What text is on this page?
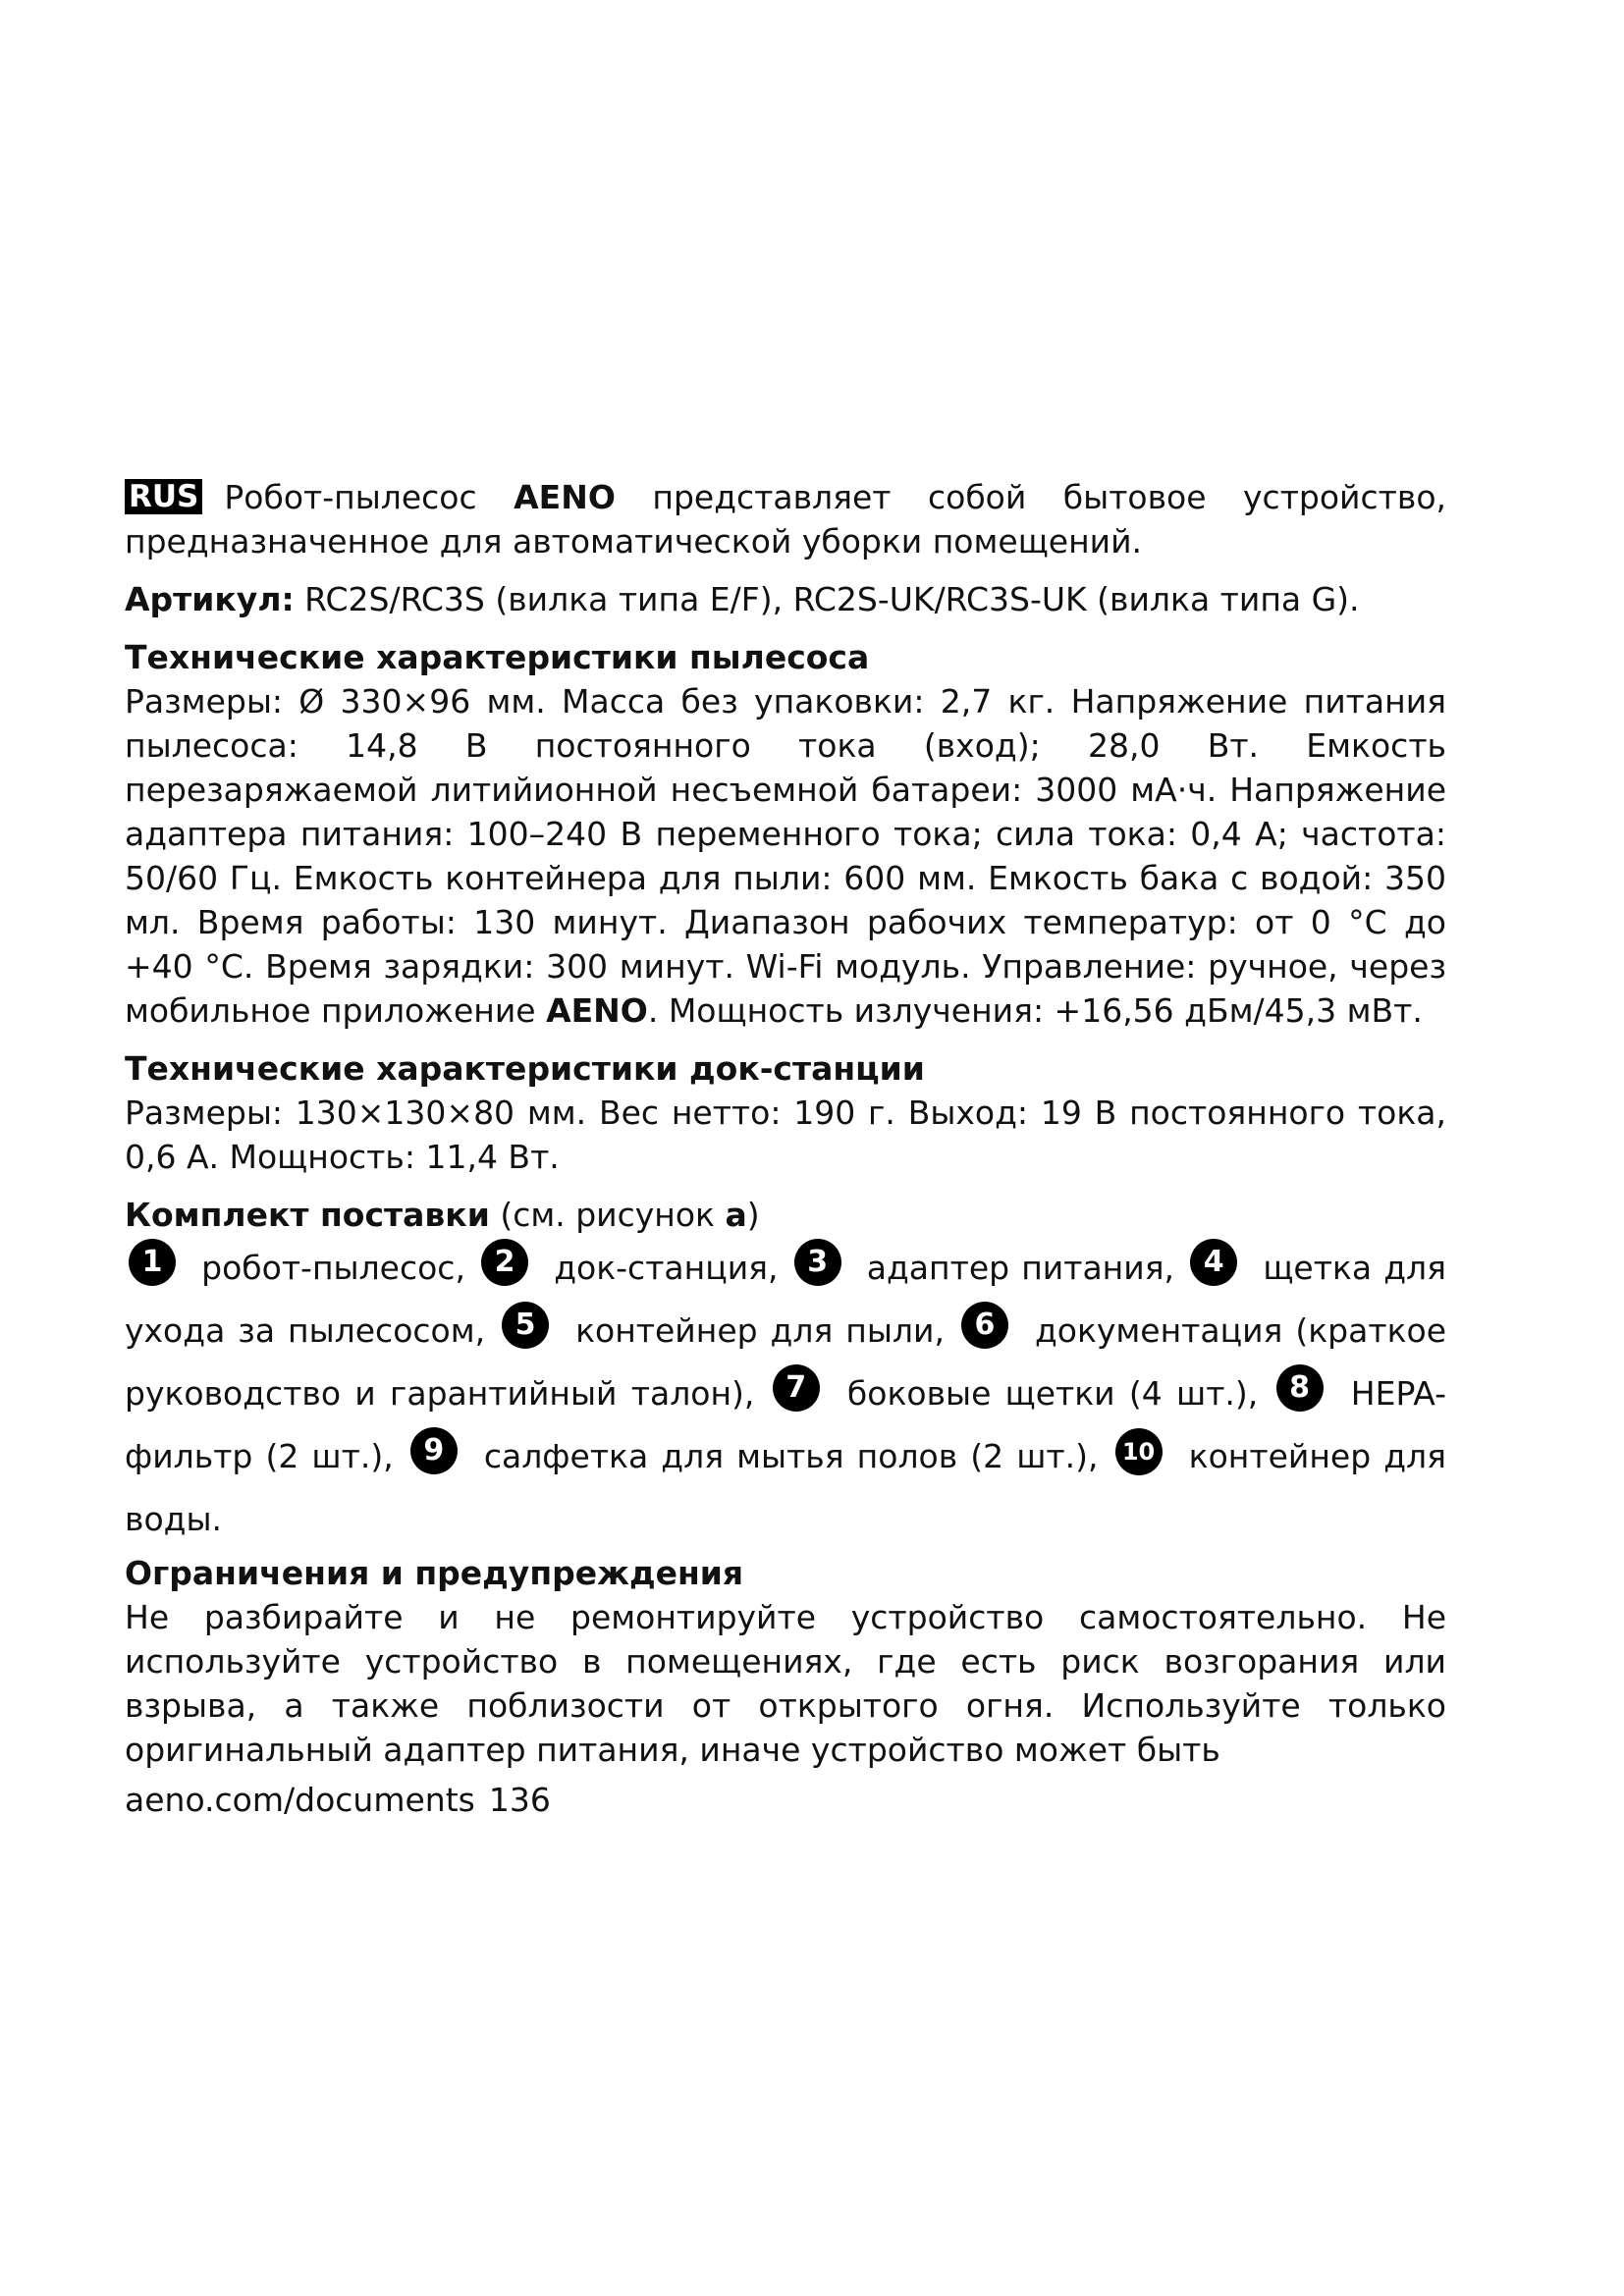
RUS Робот-пылесос AENO представляет собой бытовое устройство, предназначенное для автоматической уборки помещений.

Артикул: RC2S/RC3S (вилка типа E/F), RC2S-UK/RC3S-UK (вилка типа G).

Технические характеристики пылесоса

Размеры: Ø 330×96 мм. Масса без упаковки: 2,7 кг. Напряжение питания пылесоса: 14,8 В постоянного тока (вход); 28,0 Вт. Емкость перезаряжаемой литийионной несъемной батареи: 3000 мА·ч. Напряжение адаптера питания: 100–240 В переменного тока; сила тока: 0,4 А; частота: 50/60 Гц. Емкость контейнера для пыли: 600 мм. Емкость бака с водой: 350 мл. Время работы: 130 минут. Диапазон рабочих температур: от 0 °C до +40 °C. Время зарядки: 300 минут. Wi-Fi модуль. Управление: ручное, через мобильное приложение AENO. Мощность излучения: +16,56 дБм/45,3 мВт.

Технические характеристики док-станции

Размеры: 130×130×80 мм. Вес нетто: 190 г. Выход: 19 В постоянного тока, 0,6 А. Мощность: 11,4 Вт.

Комплект поставки (см. рисунок а)

1 робот-пылесос, 2 док-станция, 3 адаптер питания, 4 щетка для ухода за пылесосом, 5 контейнер для пыли, 6 документация (краткое руководство и гарантийный талон), 7 боковые щетки (4 шт.), 8 HEPA-фильтр (2 шт.), 9 салфетка для мытья полов (2 шт.), 10 контейнер для воды.

Ограничения и предупреждения

Не разбирайте и не ремонтируйте устройство самостоятельно. Не используйте устройство в помещениях, где есть риск возгорания или взрыва, а также поблизости от открытого огня. Используйте только оригинальный адаптер питания, иначе устройство может быть

aeno.com/documents 136
